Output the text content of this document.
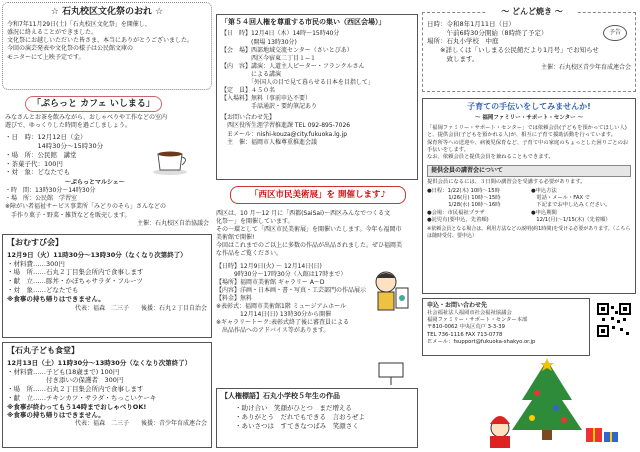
☆ 石丸校区文化祭のおれ ☆
令和7年11月29日(土)「石丸校区文化祭」を開催し、
盛況に終えることができました。
文化祭にお越しいただいた皆さま、本当にありがとうございました。
今回の演芸発表や文化祭の様子は公民館文庫の
モニターにて上映予定です。
「ぷらっと カフェ いしまる」
みなさんとお茶を飲みながら、おしゃべりや工作などの室内
遊びで、ゆっくりした時間を過ごしましょう。
・日　時：12月12日（金）
　　　　　14時30分〜15時30分
・場　所：公民館　講堂
・茶菓子代：100円
・対　象：どなたでも
〜ぷらっとマルシェ〜
・時　間：13時30分〜14時30分
・場　所：公民館　学習室
※障がい者福祉サービス事業所「みどりのそら」さんなどの
　手作り菓子・野菜・雑貨などを販売します。
主催：石丸校区自治協議会
【おむすび会】
12月9日（火）11時30分〜13時30分（なくなり次第終了）
・材料費……300円
・場　所……石丸２丁目集会所内で食事します
・献　立……豚丼・かぼちゃサラダ・フルーツ
・対　象……どなたでも
※食事の持ち帰りはできません。
代表：福森　二三子　　後援：石丸２丁目自治会
【石丸子ども食堂】
12月13日（土）11時30分〜13時30分（なくなり次第終了）
・材料費……子ども(18歳まで) 100円
　　　　　　付き添いの保護者　300円
・場　所……石丸２丁目集会所内で食事します
・献　立……チキンカツ・サラダ・ちっこいケーキ
※食事が終わってもう14時までおしゃべりOK!
※食事の持ち帰りはできません。
代表：福森　二三子　　後援：青少年育成連合会
「第５４回人権を尊重する市民の集い（西区会場）」
【日　時】12月4日（木）14時〜15時40分
　　　　　(開場 13時30分)
【会　場】西部地域交流センター（さいとぴあ）
　　　　　西区今宿東二丁目１−１
【内　容】講演：人道主人ピーター・フランクルさん
　　　　　による講演
　　　　　「外国人の目で見て暮らせる日本を目指して」
【定　員】４５０名
【入場料】無料（事前申込不要）
　　　　　手話通訳・要約筆記あり
【お問い合わせ先】
　西区役所生涯学習推進課 TEL 092-895-7026
　Ｅメール：nishi-kouza@city.fukuoka.lg.jp
　主　催：福岡市人権尊重推進会議
「西区市民美術展」を 開催します♪
西区は、10 月〜12 月に「西都(SaiSai)〜西区みんなでつくる文
化祭〜」を開催しています。
その一環として「西区市民美術展」を開催いたします。今年も福岡市
美術館で開催!
今回はこれまでのご以上に多数の作品が出品されました。ぜひ福岡美
な作品をご覧ください。
【日時】12月9日(火) 〜 12月14日(日)
　　　9時30分〜17時30分（入館は17時まで）
【場所】福岡市美術館 ギャラリー A〜D
【内容】洋画・日本画・書・写真・工芸部門の作品展示
【料金】無料
※表彰式：福岡市美術館1階 ミュージアムホール
　　　　12月14日(日) 13時30分から開催
※ギャラリートーク:表彰式終了後に審査員による
　出品作品へのアドバイス等があります。
【人権標語】石丸小学校５年生の作品
・助け合い　笑顔がひとつ　まだ増える
・ありがとう　だれでもできる　言おうぜよ
・あいさつは　すてきなつばみ　笑顔さく
〜 どんど焼き 〜
日時：令和8年1月11日（日）
　　　午前6時30分開始（8時終了予定）
場所：石丸小学校　中庭
　　※詳しくは「いしまる公民館だより1月号」でお知らせ
　　　致します。
主催：石丸校区青少年育成連合会
予告
子育ての手伝いをしてみませんか!
〜 福岡ファミリー・サポート・センター 〜
「福岡ファミリー・サポート・センター」では依頼会員(子どもを預かってほしい人)と、提供会員(子どもを預かれる人)が、相互に子育て援助活動を行っています。
保育所等への送迎や、病後児保育など、子育て中の家庭のちょっとした困りごとのお手伝いをします。
なお、依頼会員と提供会員を兼ねることもできます。
提供会員の講習会について
提供会員になるには、３日間の講習会を受講する必要があります。
●日程：1/22(木) 10時〜15時
　　　　1/26(月) 10時〜15時
　　　　1/28(水) 10時〜16時
●会場：市民福祉プラザ
●託児有(要申込、先着順)
●申込方法
　電話・メール・FAX で
　下記までお申し込みください。
●申込期間
　12/1(月)〜1/15(木)（先着順）
※依頼会員となる場合は、利用方法などの説明(約1時間)を受ける必要があります。（こちらは随時受付、要申込）
申込・お問い合わせ先
社会福祉法人福岡市社会福祉協議会
福岡ファミリー・サポート・センター本部
〒810-0062 中央区荒戸 3-3-39
TEL 736-1116 FAX 713-0778
Ｅメール：fsupport@fukuoka-shakyo.or.jp
